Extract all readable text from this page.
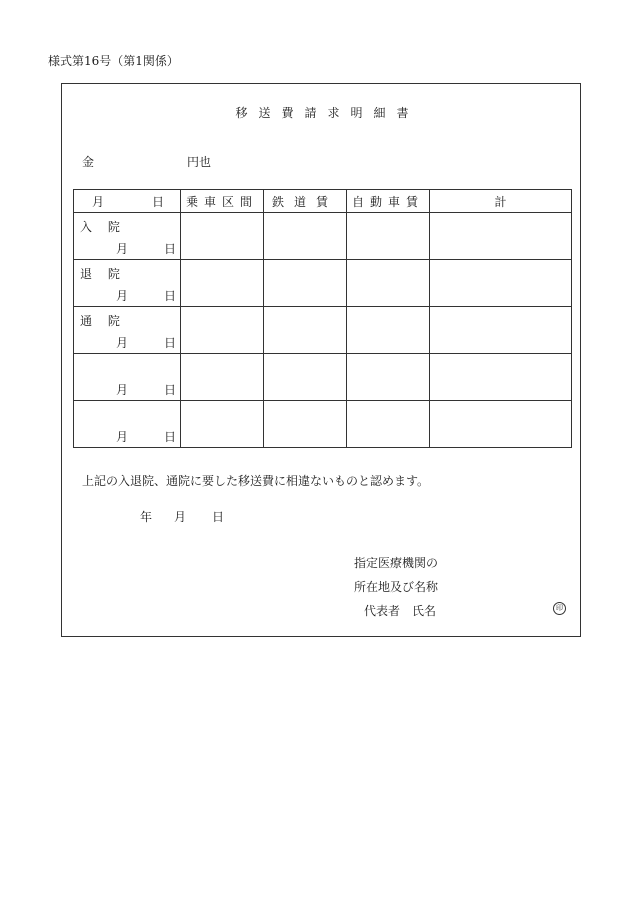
様式第16号（第1関係）
移送費請求明細書
金	円也
月 日	乗車区間	鉄道賃	自動車賃	計

入 院
月 日				

退 院
月 日				

通 院
月 日				

月 日				

月 日				

上記の入退院、通院に要した移送費に相違ないものと認めます。
年 月 日
指定医療機関の
所在地及び名称
代表者　氏名	印
